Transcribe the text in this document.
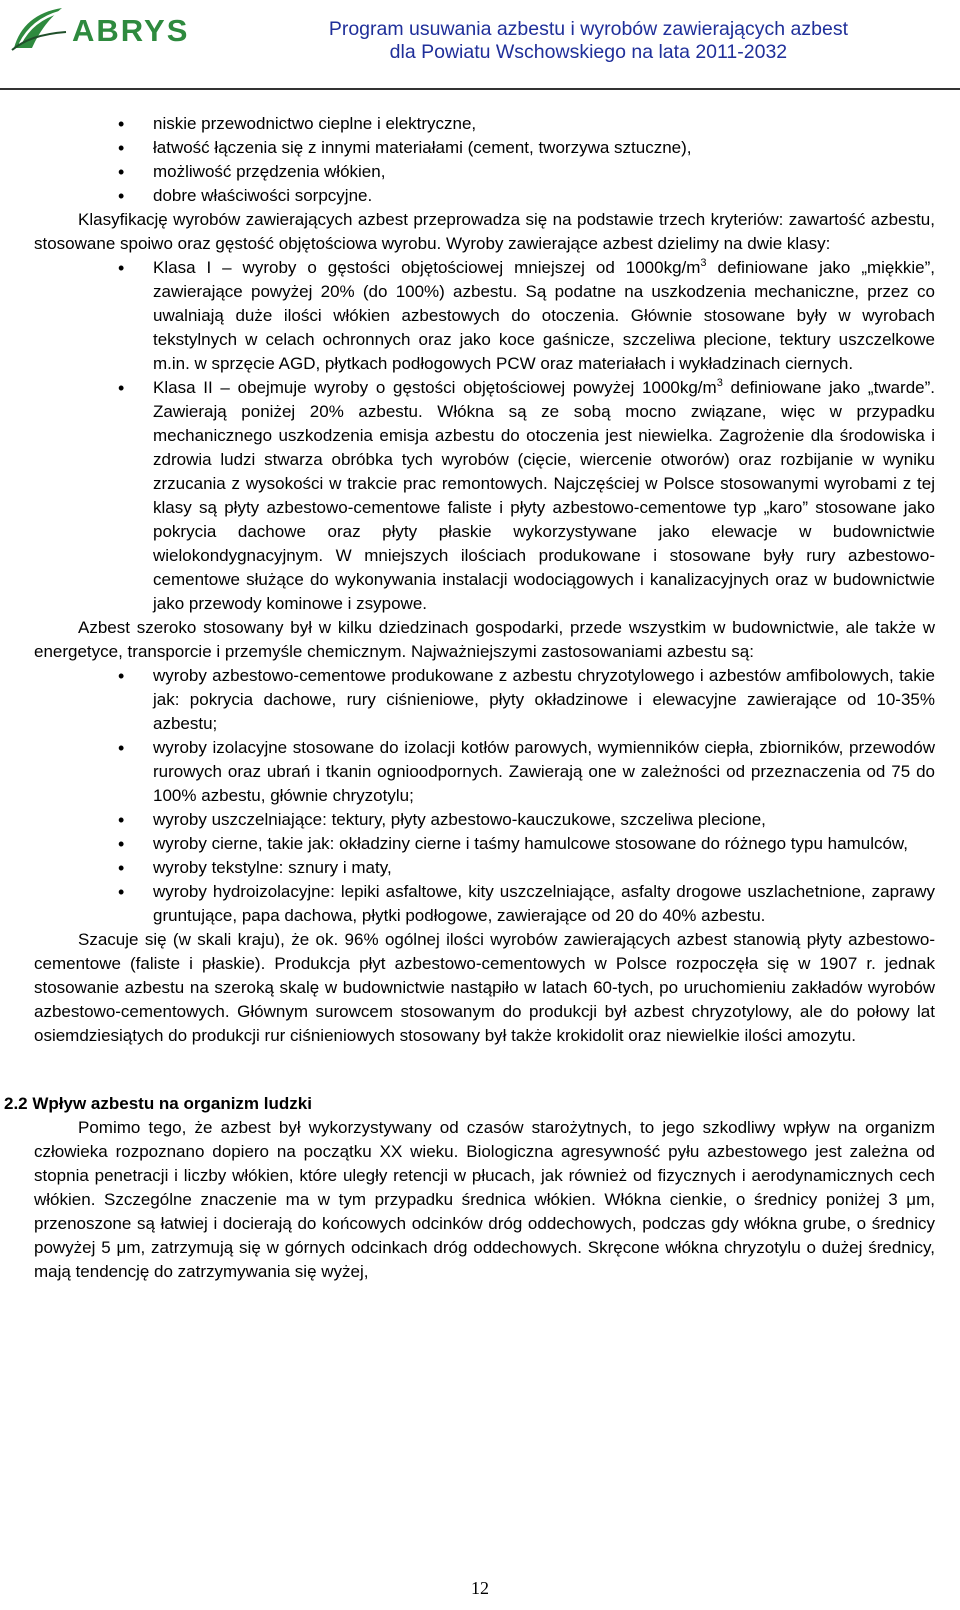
ABRYS	Program usuwania azbestu i wyrobów zawierających azbest
dla Powiatu Wschowskiego na lata 2011-2032
• niskie przewodnictwo cieplne i elektryczne,
• łatwość łączenia się z innymi materiałami (cement, tworzywa sztuczne),
• możliwość przędzenia włókien,
• dobre właściwości sorpcyjne.

Klasyfikację wyrobów zawierających azbest przeprowadza się na podstawie trzech kryteriów: zawartość azbestu, stosowane spoiwo oraz gęstość objętościowa wyrobu. Wyroby zawierające azbest dzielimy na dwie klasy:

• Klasa I – wyroby o gęstości objętościowej mniejszej od $1000kg/m^3$ definiowane jako „miękkie”, zawierające powyżej 20% (do 100%) azbestu. Są podatne na uszkodzenia mechaniczne, przez co uwalniają duże ilości włókien azbestowych do otoczenia. Głównie stosowane były w wyrobach tekstylnych w celach ochronnych oraz jako koce gaśnicze, szczeliwa plecione, tektury uszczelkowe m.in. w sprzęcie AGD, płytkach podłogowych PCW oraz materiałach i wykładzinach ciernych.
• Klasa II – obejmuje wyroby o gęstości objętościowej powyżej $1000kg/m^3$ definiowane jako „twarde”. Zawierają poniżej 20% azbestu. Włókna są ze sobą mocno związane, więc w przypadku mechanicznego uszkodzenia emisja azbestu do otoczenia jest niewielka. Zagrożenie dla środowiska i zdrowia ludzi stwarza obróbka tych wyrobów (cięcie, wiercenie otworów) oraz rozbijanie w wyniku zrzucania z wysokości w trakcie prac remontowych. Najczęściej w Polsce stosowanymi wyrobami z tej klasy są płyty azbestowo-cementowe faliste i płyty azbestowo-cementowe typ „karo” stosowane jako pokrycia dachowe oraz płyty płaskie wykorzystywane jako elewacje w budownictwie wielokondygnacyjnym. W mniejszych ilościach produkowane i stosowane były rury azbestowo-cementowe służące do wykonywania instalacji wodociągowych i kanalizacyjnych oraz w budownictwie jako przewody kominowe i zsypowe.

Azbest szeroko stosowany był w kilku dziedzinach gospodarki, przede wszystkim w budownictwie, ale także w energetyce, transporcie i przemyśle chemicznym. Najważniejszymi zastosowaniami azbestu są:

• wyroby azbestowo-cementowe produkowane z azbestu chryzotylowego i azbestów amfibolowych, takie jak: pokrycia dachowe, rury ciśnieniowe, płyty okładzinowe i elewacyjne zawierające od 10-35% azbestu;
• wyroby izolacyjne stosowane do izolacji kotłów parowych, wymienników ciepła, zbiorników, przewodów rurowych oraz ubrań i tkanin ognioodpornych. Zawierają one w zależności od przeznaczenia od 75 do 100% azbestu, głównie chryzotylu;
• wyroby uszczelniające: tektury, płyty azbestowo-kauczukowe, szczeliwa plecione,
• wyroby cierne, takie jak: okładziny cierne i taśmy hamulcowe stosowane do różnego typu hamulców,
• wyroby tekstylne: sznury i maty,
• wyroby hydroizolacyjne: lepiki asfaltowe, kity uszczelniające, asfalty drogowe uszlachetnione, zaprawy gruntujące, papa dachowa, płytki podłogowe, zawierające od 20 do 40% azbestu.

Szacuje się (w skali kraju), że ok. 96% ogólnej ilości wyrobów zawierających azbest stanowią płyty azbestowo-cementowe (faliste i płaskie). Produkcja płyt azbestowo-cementowych w Polsce rozpoczęła się w 1907 r. jednak stosowanie azbestu na szeroką skalę w budownictwie nastąpiło w latach 60-tych, po uruchomieniu zakładów wyrobów azbestowo-cementowych. Głównym surowcem stosowanym do produkcji był azbest chryzotylowy, ale do połowy lat osiemdziesiątych do produkcji rur ciśnieniowych stosowany był także krokidolit oraz niewielkie ilości amozytu.

2.2 Wpływ azbestu na organizm ludzki

Pomimo tego, że azbest był wykorzystywany od czasów starożytnych, to jego szkodliwy wpływ na organizm człowieka rozpoznano dopiero na początku XX wieku. Biologiczna agresywność pyłu azbestowego jest zależna od stopnia penetracji i liczby włókien, które uległy retencji w płucach, jak również od fizycznych i aerodynamicznych cech włókien. Szczególne znaczenie ma w tym przypadku średnica włókien. Włókna cienkie, o średnicy poniżej 3 μm, przenoszone są łatwiej i docierają do końcowych odcinków dróg oddechowych, podczas gdy włókna grube, o średnicy powyżej 5 μm, zatrzymują się w górnych odcinkach dróg oddechowych. Skręcone włókna chryzotylu o dużej średnicy, mają tendencję do zatrzymywania się wyżej,

12
